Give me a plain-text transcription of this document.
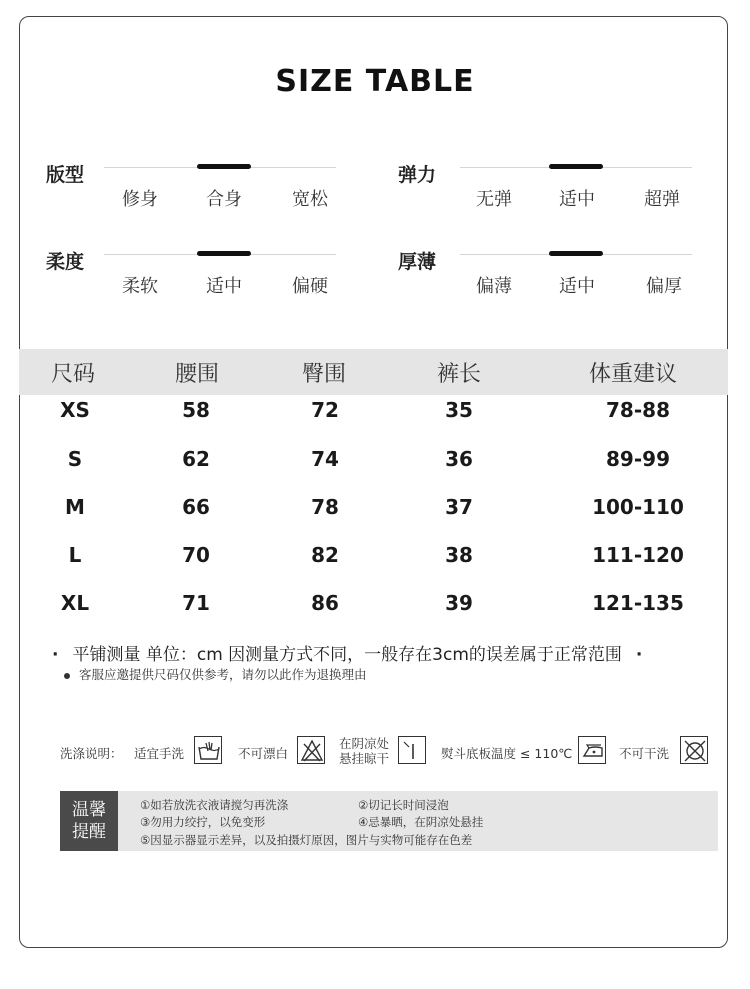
SIZE TABLE
版型
修身	合身	宽松
弹力
无弹	适中	超弹
柔度
柔软	适中	偏硬
厚薄
偏薄	适中	偏厚
尺码	腰围	臀围	裤长	体重建议
XS	58	72	35	78-88
S	62	74	36	89-99
M	66	78	37	100-110
L	70	82	38	111-120
XL	71	86	39	121-135
· 平铺测量 单位：cm 因测量方式不同，一般存在3cm的误差属于正常范围 ·
客服应邀提供尺码仅供参考，请勿以此作为退换理由
洗涤说明： 适宜手洗	不可漂白
在阴凉处
悬挂晾干	熨斗底板温度 ≤ 110℃	不可干洗
温馨
提醒
①如若放洗衣液请搅匀再洗涤	②切记长时间浸泡
③勿用力绞拧，以免变形	④忌暴晒，在阴凉处悬挂
⑤因显示器显示差异，以及拍摄灯原因，图片与实物可能存在色差
